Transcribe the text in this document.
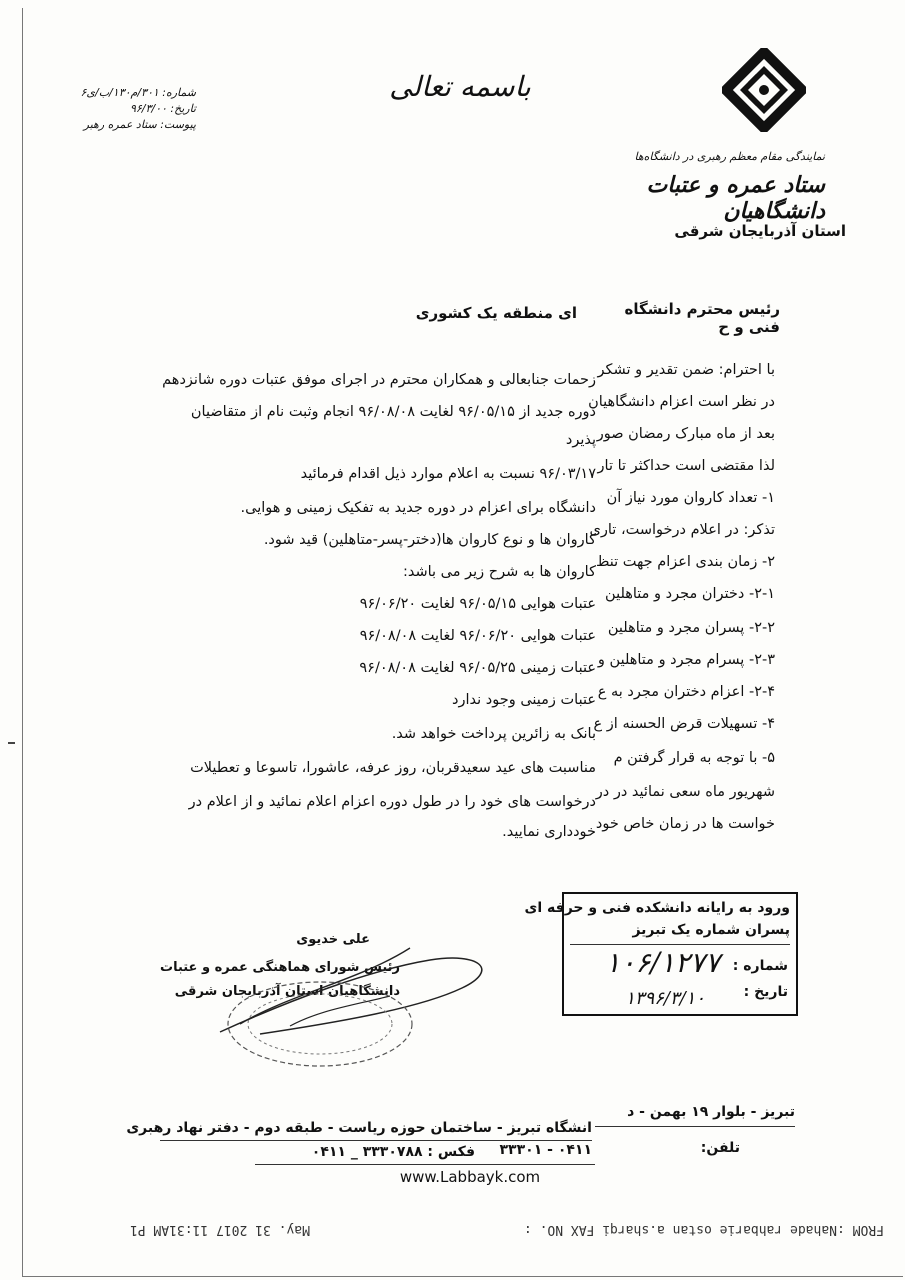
باسمه تعالی
نمایندگی مقام معظم رهبری در دانشگاه‌ها
ستاد عمره و عتبات دانشگاهیان
استان آذربایجان شرقی
شماره: ۳۰۱/م۱۳۰/ب/ی۶
تاریخ: ۹۶/۳/۰۰
پیوست: ستاد عمره رهبر
رئیس محترم دانشگاه فنی و ح
ای منطقه یک کشوری
با احترام: ضمن تقدیر و تشکر
در نظر است اعزام دانشگاهیان
بعد از ماه مبارک رمضان صور
لذا مقتضی است حداکثر تا تار
۱- تعداد کاروان مورد نیاز آن
تذکر: در اعلام درخواست، تاری
۲- زمان بندی اعزام جهت تنظ
۲-۱- دختران مجرد و متاهلین
۲-۲- پسران مجرد و متاهلین
۲-۳- پسرام مجرد و متاهلین و
۲-۴- اعزام دختران مجرد به ع
۴- تسهیلات قرض الحسنه از ع
۵- با توجه به قرار گرفتن م
شهریور ماه سعی نمائید در در
خواست ها در زمان خاص خود
زحمات جنابعالی و همکاران محترم در اجرای موفق عتبات دوره شانزدهم
دوره جدید از ۹۶/۰۵/۱۵ لغایت ۹۶/۰۸/۰۸ انجام وثبت نام از متقاضیان
پذیرد
۹۶/۰۳/۱۷ نسبت به اعلام موارد ذیل اقدام فرمائید
دانشگاه برای اعزام در دوره جدید به تفکیک زمینی و هوایی.
کاروان ها و نوع کاروان ها(دختر-پسر-متاهلین) قید شود.
کاروان ها به شرح زیر می باشد:
عتبات هوایی ۹۶/۰۵/۱۵ لغایت ۹۶/۰۶/۲۰
عتبات هوایی ۹۶/۰۶/۲۰ لغایت ۹۶/۰۸/۰۸
عتبات زمینی ۹۶/۰۵/۲۵ لغایت ۹۶/۰۸/۰۸
عتبات زمینی وجود ندارد
بانک به زائرین پرداخت خواهد شد.
مناسبت های عید سعیدقربان، روز عرفه، عاشورا، تاسوعا و تعطیلات
درخواست های خود را در طول دوره اعزام اعلام نمائید و از اعلام در
خودداری نمایید.
علی خدیوی
رئیس شورای هماهنگی عمره و عتبات
دانشگاهیان استان آذربایجان شرقی
ورود به رایانه دانشکده فنی و حرفه ای
پسران شماره یک تبریز
شماره :
۱۰۶/۱۲۷۷
تاریخ :
۱۳۹۶/۳/۱۰
تبریز - بلوار ۱۹ بهمن - د
انشگاه تبریز - ساختمان حوزه ریاست - طبقه دوم - دفتر نهاد رهبری
تلفن:
۰۴۱۱ - ۳۳۳۰۱
فکس : ۳۳۳۰۷۸۸ _ ۰۴۱۱
www.Labbayk.com
FROM :Nahade rahbarie ostan a.sharqi FAX NO. :
May. 31 2017 11:31AM P1
